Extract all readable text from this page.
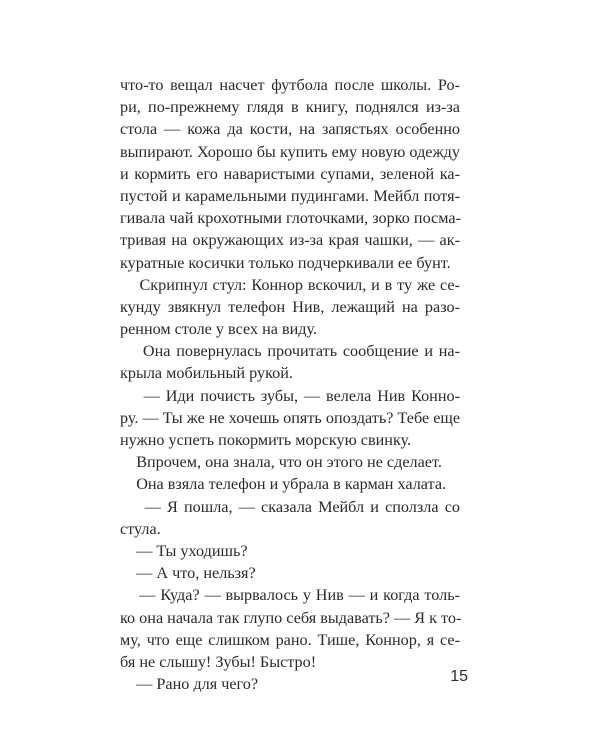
что-то вещал насчет футбола после школы. Ро-
ри, по-прежнему глядя в книгу, поднялся из-за
стола — кожа да кости, на запястьях особенно
выпирают. Хорошо бы купить ему новую одежду
и кормить его наваристыми супами, зеленой ка-
пустой и карамельными пудингами. Мейбл потя-
гивала чай крохотными глоточками, зорко посма-
тривая на окружающих из-за края чашки, — ак-
куратные косички только подчеркивали ее бунт.
Скрипнул стул: Коннор вскочил, и в ту же се-
кунду звякнул телефон Нив, лежащий на разо-
ренном столе у всех на виду.
Она повернулась прочитать сообщение и на-
крыла мобильный рукой.
— Иди почисть зубы, — велела Нив Конно-
ру. — Ты же не хочешь опять опоздать? Тебе еще
нужно успеть покормить морскую свинку.
Впрочем, она знала, что он этого не сделает.
Она взяла телефон и убрала в карман халата.
— Я пошла, — сказала Мейбл и сползла со
стула.
— Ты уходишь?
— А что, нельзя?
— Куда? — вырвалось у Нив — и когда толь-
ко она начала так глупо себя выдавать? — Я к то-
му, что еще слишком рано. Тише, Коннор, я се-
бя не слышу! Зубы! Быстро!
— Рано для чего?	15
